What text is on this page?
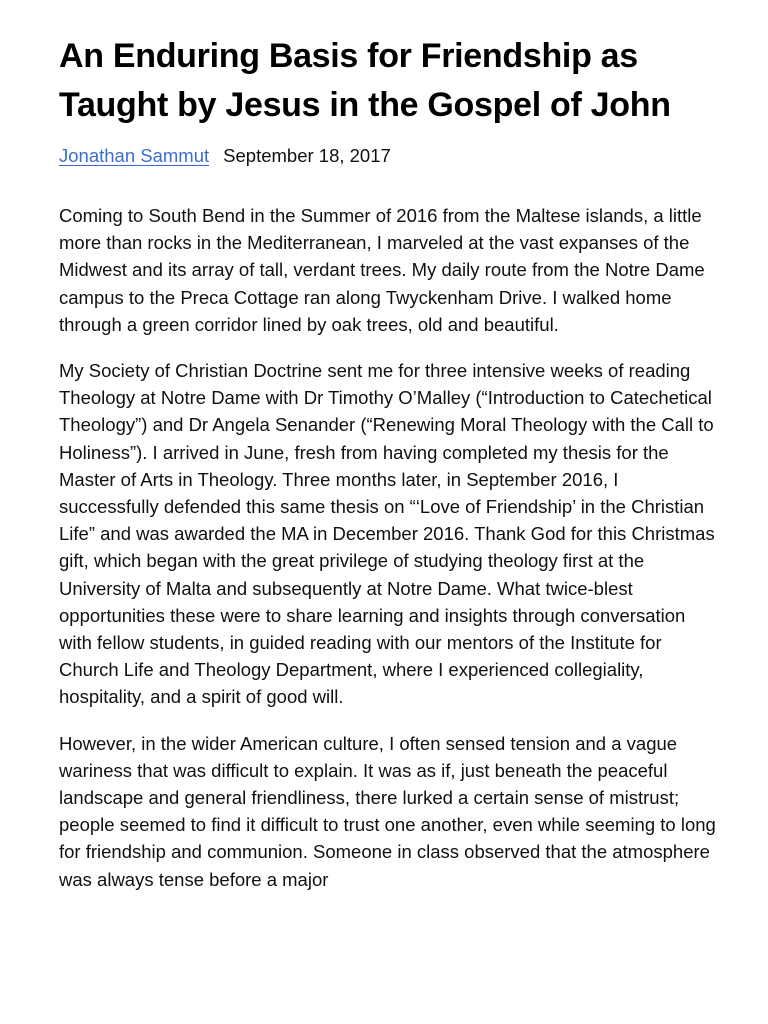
An Enduring Basis for Friendship as Taught by Jesus in the Gospel of John
Jonathan Sammut September 18, 2017

Coming to South Bend in the Summer of 2016 from the Maltese islands, a little more than rocks in the Mediterranean, I marveled at the vast expanses of the Midwest and its array of tall, verdant trees. My daily route from the Notre Dame campus to the Preca Cottage ran along Twyckenham Drive. I walked home through a green corridor lined by oak trees, old and beautiful.

My Society of Christian Doctrine sent me for three intensive weeks of reading Theology at Notre Dame with Dr Timothy O’Malley (“Introduction to Catechetical Theology”) and Dr Angela Senander (“Renewing Moral Theology with the Call to Holiness”). I arrived in June, fresh from having completed my thesis for the Master of Arts in Theology. Three months later, in September 2016, I successfully defended this same thesis on “‘Love of Friendship’ in the Christian Life” and was awarded the MA in December 2016. Thank God for this Christmas gift, which began with the great privilege of studying theology first at the University of Malta and subsequently at Notre Dame. What twice-blest opportunities these were to share learning and insights through conversation with fellow students, in guided reading with our mentors of the Institute for Church Life and Theology Department, where I experienced collegiality, hospitality, and a spirit of good will.

However, in the wider American culture, I often sensed tension and a vague wariness that was difficult to explain. It was as if, just beneath the peaceful landscape and general friendliness, there lurked a certain sense of mistrust; people seemed to find it difficult to trust one another, even while seeming to long for friendship and communion. Someone in class observed that the atmosphere was always tense before a major
